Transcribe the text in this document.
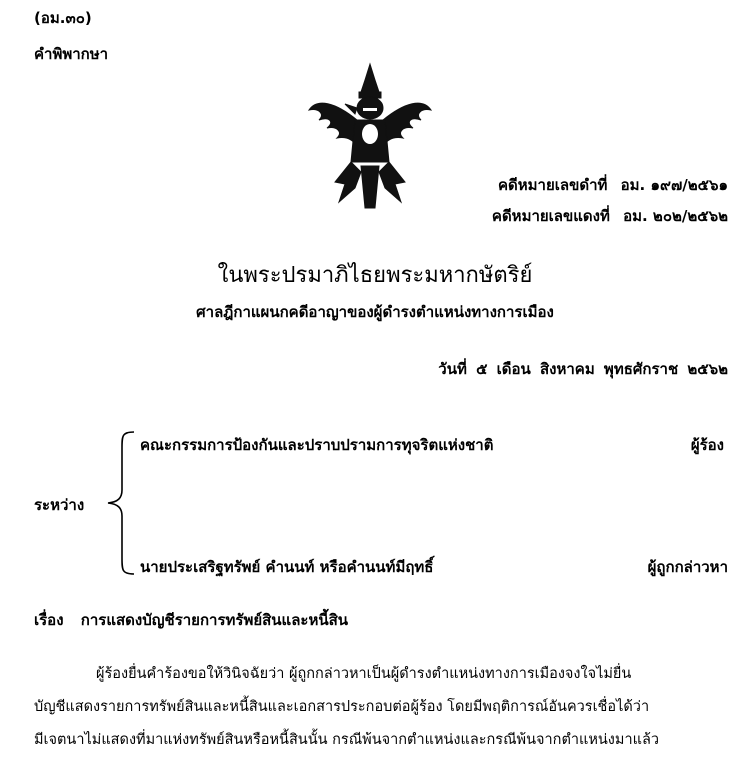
(อม.๓๐)
คำพิพากษา
คดีหมายเลขดำที่ อม. ๑๙๗/๒๕๖๑
คดีหมายเลขแดงที่ อม. ๒๐๒/๒๕๖๒
ในพระปรมาภิไธยพระมหากษัตริย์
ศาลฎีกาแผนกคดีอาญาของผู้ดำรงตำแหน่งทางการเมือง
วันที่ ๕ เดือน สิงหาคม พุทธศักราช ๒๕๖๒
คณะกรรมการป้องกันและปราบปรามการทุจริตแห่งชาติ	ผู้ร้อง
ระหว่าง
นายประเสริฐทรัพย์ คำนนท์ หรือคำนนท์มีฤทธิ์	ผู้ถูกกล่าวหา
เรื่อง การแสดงบัญชีรายการทรัพย์สินและหนี้สิน
ผู้ร้องยื่นคำร้องขอให้วินิจฉัยว่า ผู้ถูกกล่าวหาเป็นผู้ดำรงตำแหน่งทางการเมืองจงใจไม่ยื่น
บัญชีแสดงรายการทรัพย์สินและหนี้สินและเอกสารประกอบต่อผู้ร้อง โดยมีพฤติการณ์อันควรเชื่อได้ว่า
มีเจตนาไม่แสดงที่มาแห่งทรัพย์สินหรือหนี้สินนั้น กรณีพ้นจากตำแหน่งและกรณีพ้นจากตำแหน่งมาแล้ว
